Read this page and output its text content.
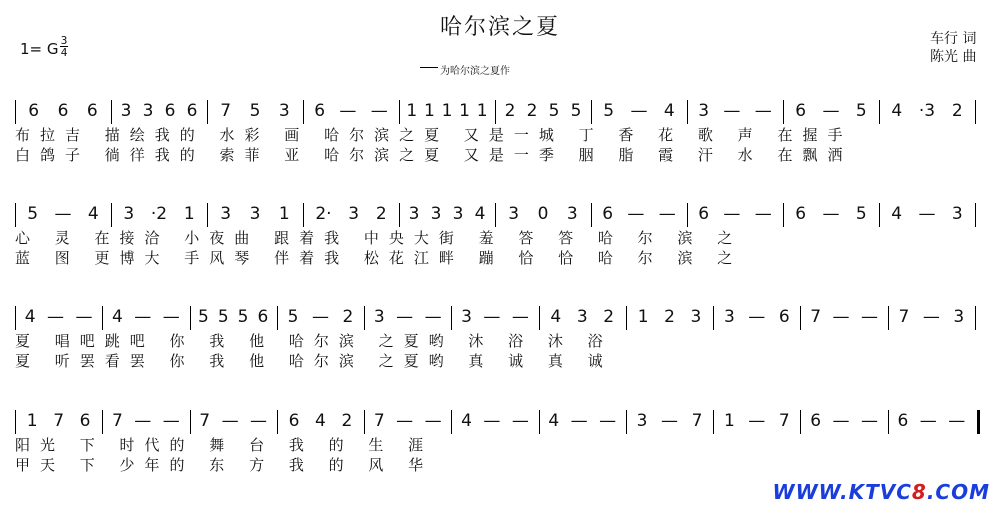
哈尔滨之夏
1= G 3
4
车行 词
陈光 曲
为哈尔滨之夏作
6 6 6 3 3 6 6 7 5 3 6 — — 1 1 1 1 1 2 2 5 5 5 — 4 3 — — 6 — 5 4 ·3 2
布拉吉 描绘我的 水彩 画 哈尔滨之夏 又是一城 丁 香 花 歌 声 在握手
白鸽子 徜徉我的 索菲 亚 哈尔滨之夏 又是一季 胭 脂 霞 汗 水 在飘洒
5 — 4 3 ·2 1 3 3 1 2· 3 2 3 3 3 4 3 0 3 6 — — 6 — — 6 — 5 4 — 3
心 灵 在接洽 小夜曲 跟着我 中央大街 羞 答 答 哈 尔 滨 之
蓝 图 更博大 手风琴 伴着我 松花江畔 蹦 恰 恰 哈 尔 滨 之
4 — — 4 — — 5 5 5 6 5 — 2 3 — — 3 — — 4 3 2 1 2 3 3 — 6 7 — — 7 — 3
夏 唱吧跳吧 你 我 他 哈尔滨 之夏哟 沐 浴 沐 浴
夏 听罢看罢 你 我 他 哈尔滨 之夏哟 真 诚 真 诚
1 7 6 7 — — 7 — — 6 4 2 7 — — 4 — — 4 — — 3 — 7 1 — 7 6 — — 6 — —
阳光 下 时代的 舞 台 我 的 生 涯
甲天 下 少年的 东 方 我 的 风 华
WWW.KTVC8.COM
